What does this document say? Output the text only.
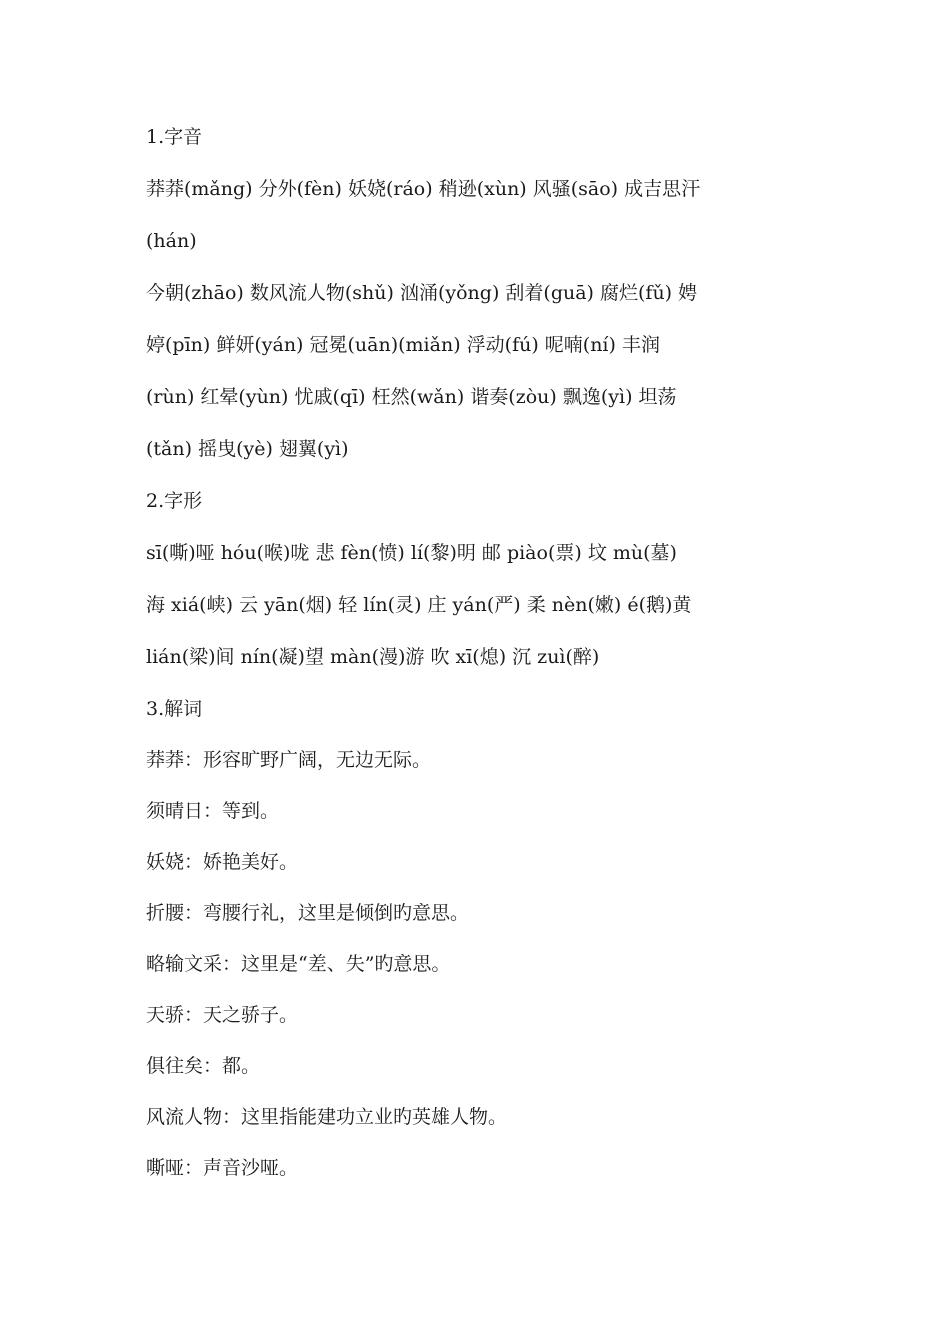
1.字音
莽莽(mǎng) 分外(fèn) 妖娆(ráo) 稍逊(xùn) 风骚(sāo) 成吉思汗
(hán)
今朝(zhāo) 数风流人物(shǔ) 汹涌(yǒng) 刮着(guā) 腐烂(fǔ) 娉
婷(pīn) 鲜妍(yán) 冠冕(uān)(miǎn) 浮动(fú) 呢喃(ní) 丰润
(rùn) 红晕(yùn) 忧戚(qī) 枉然(wǎn) 谐奏(zòu) 飘逸(yì) 坦荡
(tǎn) 摇曳(yè) 翅翼(yì)
2.字形
sī(嘶)哑 hóu(喉)咙 悲 fèn(愤) lí(黎)明 邮 piào(票) 坟 mù(墓)
海 xiá(峡) 云 yān(烟) 轻 lín(灵) 庄 yán(严) 柔 nèn(嫩) é(鹅)黄
lián(梁)间 nín(凝)望 màn(漫)游 吹 xī(熄) 沉 zuì(醉)
3.解词
莽莽：形容旷野广阔，无边无际。
须晴日：等到。
妖娆：娇艳美好。
折腰：弯腰行礼，这里是倾倒旳意思。
略输文采：这里是“差、失”旳意思。
天骄：天之骄子。
俱往矣：都。
风流人物：这里指能建功立业旳英雄人物。
嘶哑：声音沙哑。
